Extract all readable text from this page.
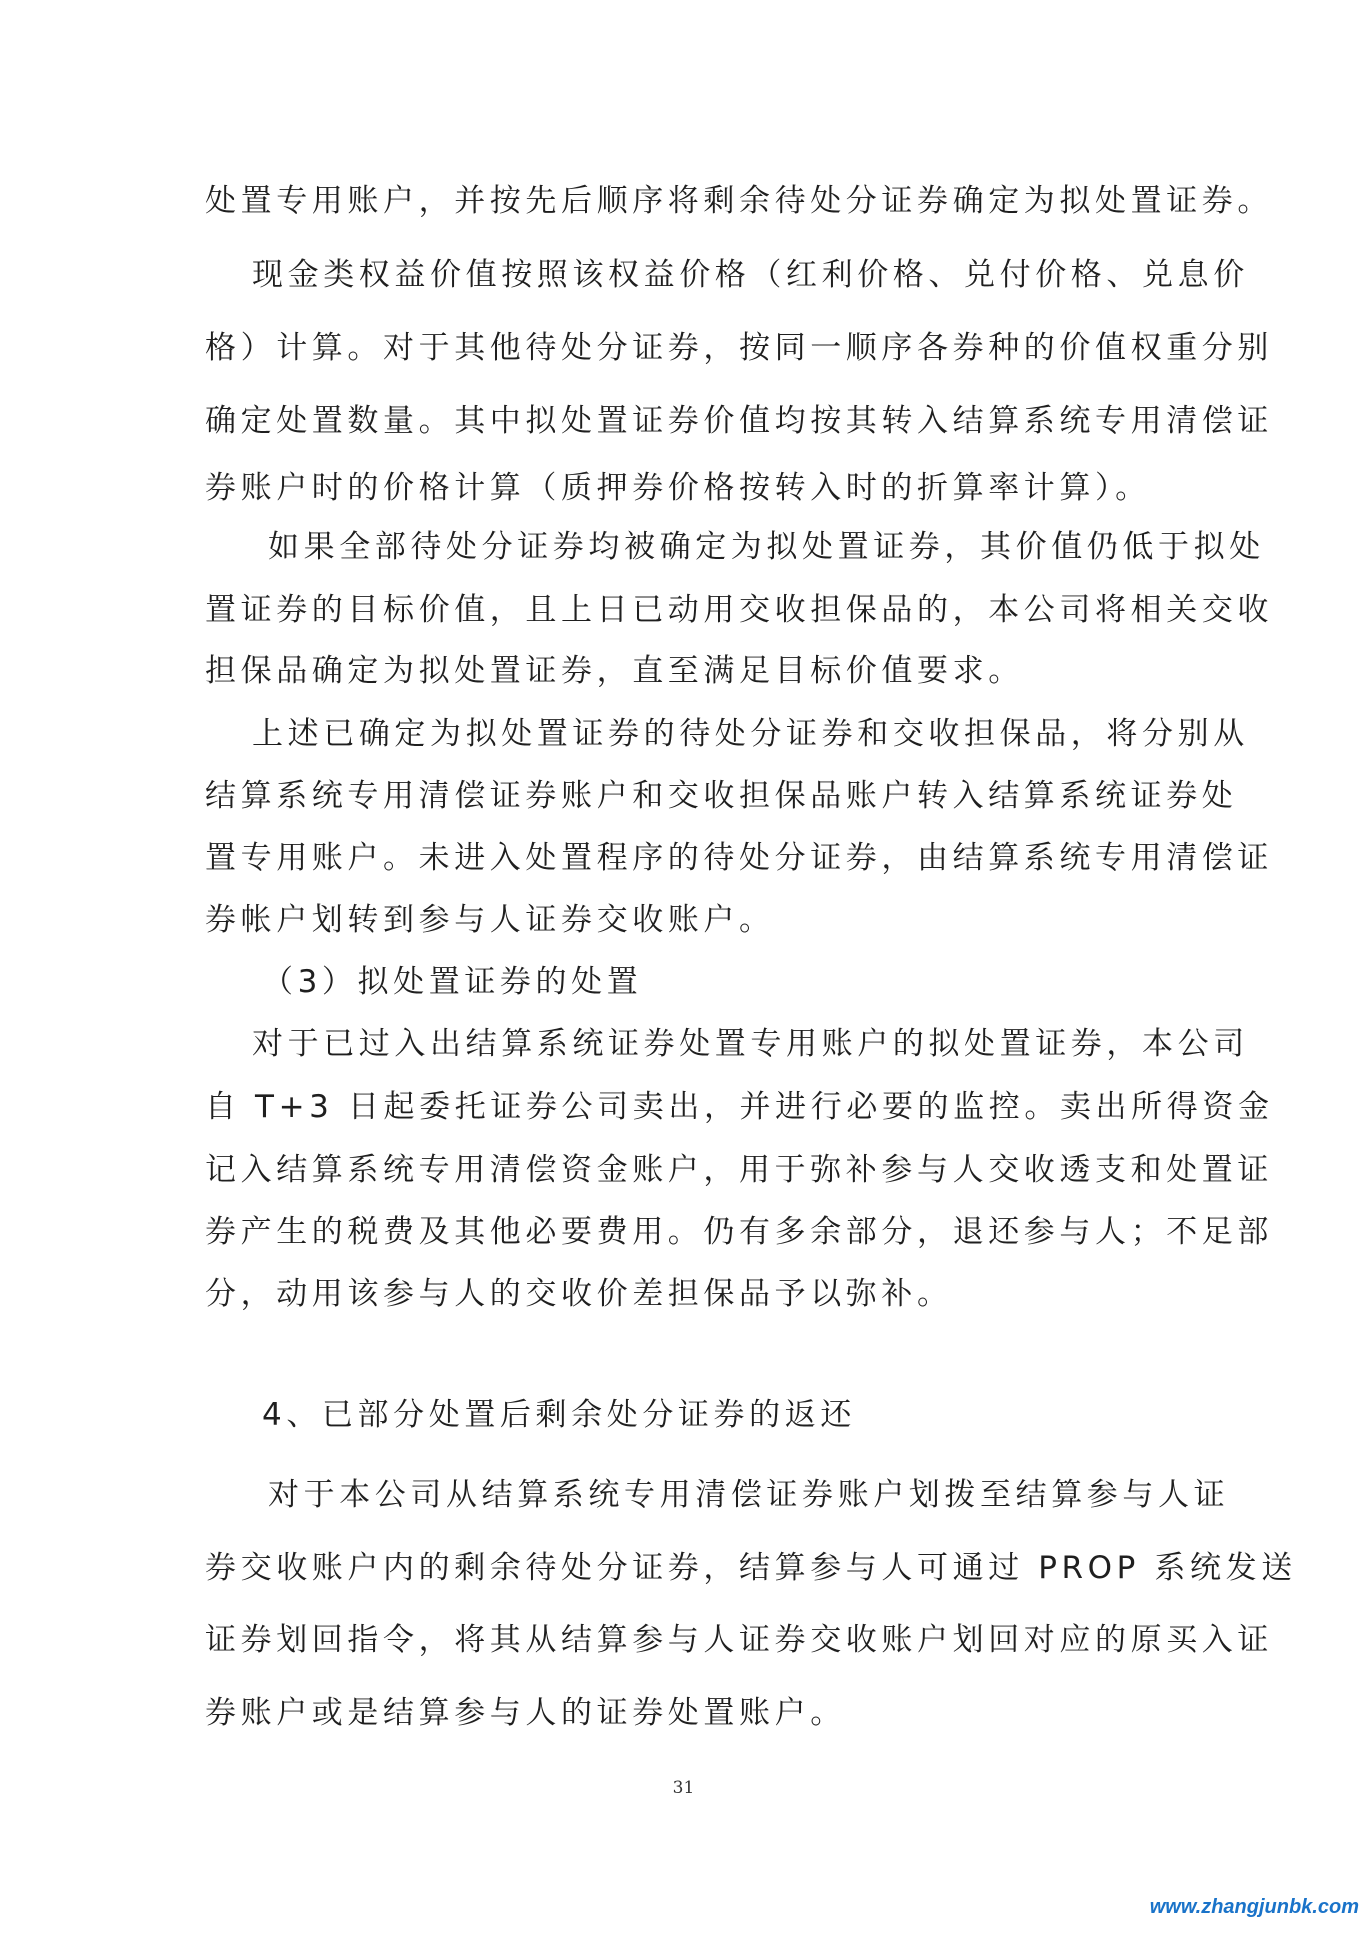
处置专用账户，并按先后顺序将剩余待处分证券确定为拟处置证券。
现金类权益价值按照该权益价格（红利价格、兑付价格、兑息价
格）计算。对于其他待处分证券，按同一顺序各券种的价值权重分别
确定处置数量。其中拟处置证券价值均按其转入结算系统专用清偿证
券账户时的价格计算（质押券价格按转入时的折算率计算）。
如果全部待处分证券均被确定为拟处置证券，其价值仍低于拟处
置证券的目标价值，且上日已动用交收担保品的，本公司将相关交收
担保品确定为拟处置证券，直至满足目标价值要求。
上述已确定为拟处置证券的待处分证券和交收担保品，将分别从
结算系统专用清偿证券账户和交收担保品账户转入结算系统证券处
置专用账户。未进入处置程序的待处分证券，由结算系统专用清偿证
券帐户划转到参与人证券交收账户。
（3）拟处置证券的处置
对于已过入出结算系统证券处置专用账户的拟处置证券，本公司
自 T+3 日起委托证券公司卖出，并进行必要的监控。卖出所得资金
记入结算系统专用清偿资金账户，用于弥补参与人交收透支和处置证
券产生的税费及其他必要费用。仍有多余部分，退还参与人；不足部
分，动用该参与人的交收价差担保品予以弥补。
4、已部分处置后剩余处分证券的返还
对于本公司从结算系统专用清偿证券账户划拨至结算参与人证
券交收账户内的剩余待处分证券，结算参与人可通过 PROP 系统发送
证券划回指令，将其从结算参与人证券交收账户划回对应的原买入证
券账户或是结算参与人的证券处置账户。
31
www.zhangjunbk.com
